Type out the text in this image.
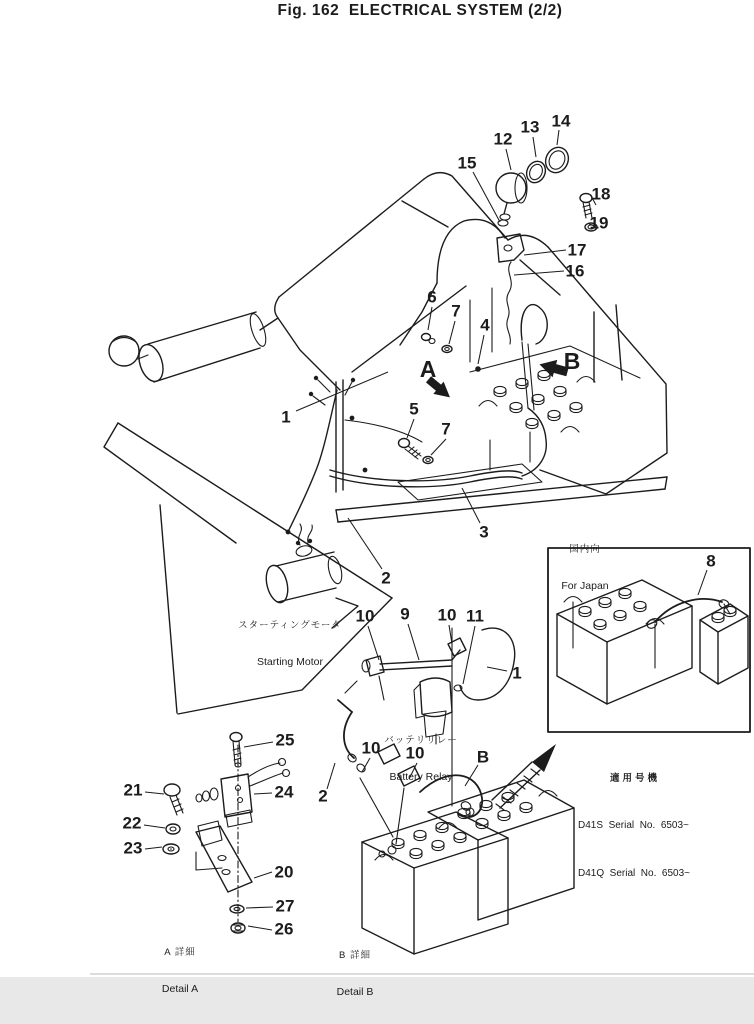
Fig. 162  ELECTRICAL SYSTEM (2/2)
12
13 14
15
18
19
17
16
6
7
4
5
7
1
3
2
10 9 10 11
1
8
10
2
10	B
25
24
21
22
23
20
27
26
A	B

スターティングモータ

Starting Motor

バッテリリレー

Battery Relay

国内向

For Japan

適用号機

D41S  Serial  No.  6503~

D41Q  Serial  No.  6503~

A 詳細

Detail A

B 詳細

Detail B
